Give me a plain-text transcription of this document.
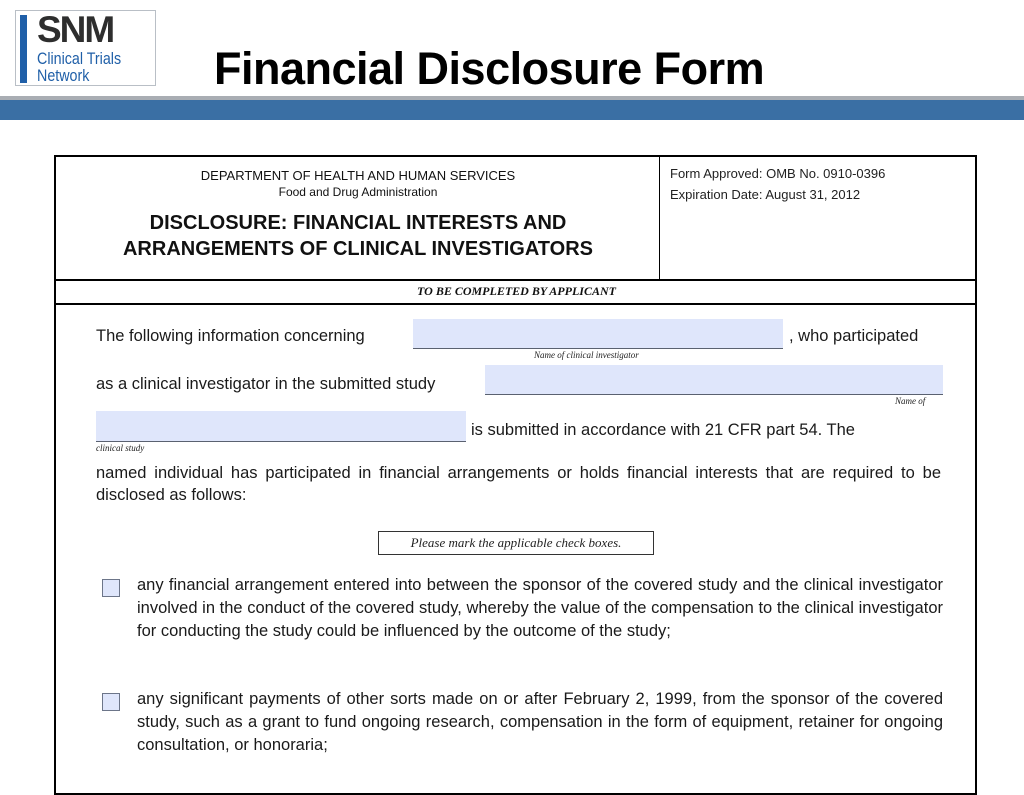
SNM
Clinical Trials
Network	Financial Disclosure Form
DEPARTMENT OF HEALTH AND HUMAN SERVICES
Food and Drug Administration
DISCLOSURE: FINANCIAL INTERESTS AND
ARRANGEMENTS OF CLINICAL INVESTIGATORS
Form Approved: OMB No. 0910-0396
Expiration Date: August 31, 2012
TO BE COMPLETED BY APPLICANT
The following information concerning
Name of clinical investigator
, who participated
as a clinical investigator in the submitted study
Name of
clinical study
is submitted in accordance with 21 CFR part 54. The
named individual has participated in financial arrangements or holds financial interests that are required to be disclosed as follows:
Please mark the applicable check boxes.
any financial arrangement entered into between the sponsor of the covered study and the clinical investigator involved in the conduct of the covered study, whereby the value of the compensation to the clinical investigator for conducting the study could be influenced by the outcome of the study;
any significant payments of other sorts made on or after February 2, 1999, from the sponsor of the covered study, such as a grant to fund ongoing research, compensation in the form of equipment, retainer for ongoing consultation, or honoraria;
